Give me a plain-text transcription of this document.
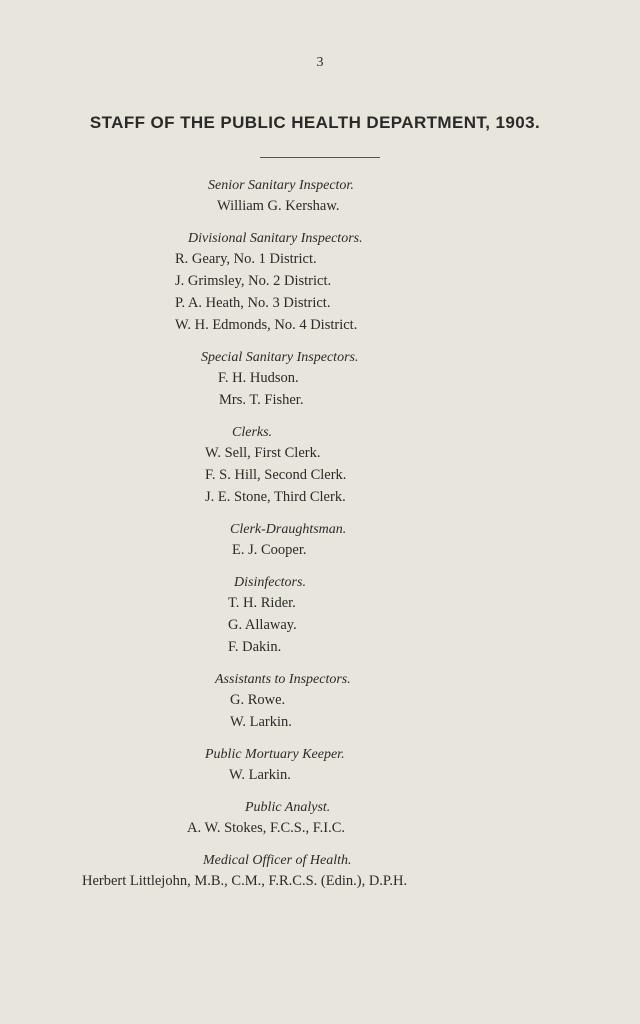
3
STAFF OF THE PUBLIC HEALTH DEPARTMENT, 1903.
Senior Sanitary Inspector.
William G. Kershaw.
Divisional Sanitary Inspectors.
R. Geary, No. 1 District.
J. Grimsley, No. 2 District.
P. A. Heath, No. 3 District.
W. H. Edmonds, No. 4 District.
Special Sanitary Inspectors.
F. H. Hudson.
Mrs. T. Fisher.
Clerks.
W. Sell, First Clerk.
F. S. Hill, Second Clerk.
J. E. Stone, Third Clerk.
Clerk-Draughtsman.
E. J. Cooper.
Disinfectors.
T. H. Rider.
G. Allaway.
F. Dakin.
Assistants to Inspectors.
G. Rowe.
W. Larkin.
Public Mortuary Keeper.
W. Larkin.
Public Analyst.
A. W. Stokes, F.C.S., F.I.C.
Medical Officer of Health.
Herbert Littlejohn, M.B., C.M., F.R.C.S. (Edin.), D.P.H.
